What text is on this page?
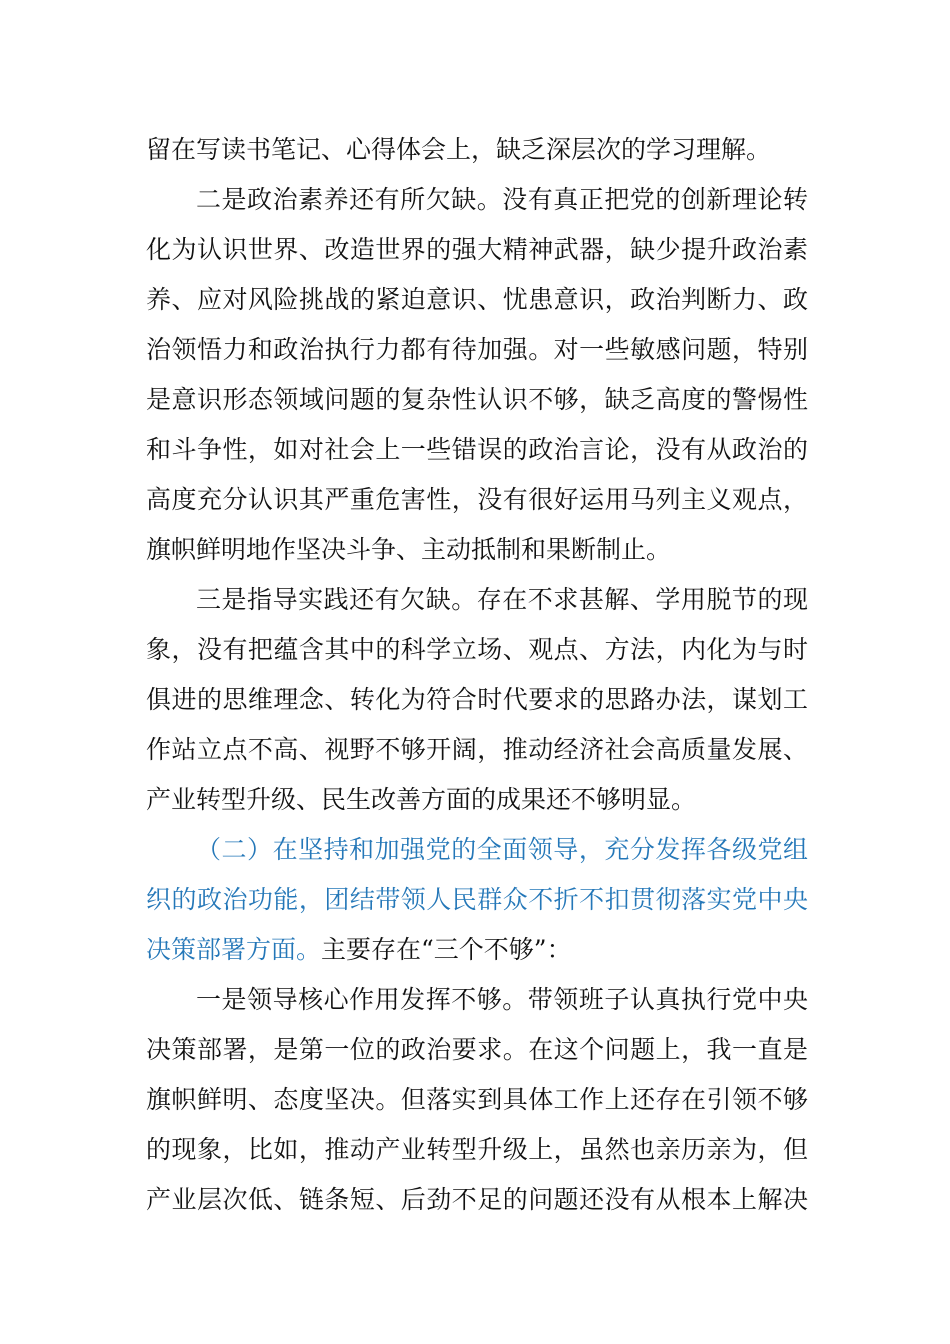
留在写读书笔记、心得体会上，缺乏深层次的学习理解。
二是政治素养还有所欠缺。没有真正把党的创新理论转
化为认识世界、改造世界的强大精神武器，缺少提升政治素
养、应对风险挑战的紧迫意识、忧患意识，政治判断力、政
治领悟力和政治执行力都有待加强。对一些敏感问题，特别
是意识形态领域问题的复杂性认识不够，缺乏高度的警惕性
和斗争性，如对社会上一些错误的政治言论，没有从政治的
高度充分认识其严重危害性，没有很好运用马列主义观点，
旗帜鲜明地作坚决斗争、主动抵制和果断制止。
三是指导实践还有欠缺。存在不求甚解、学用脱节的现
象，没有把蕴含其中的科学立场、观点、方法，内化为与时
俱进的思维理念、转化为符合时代要求的思路办法，谋划工
作站立点不高、视野不够开阔，推动经济社会高质量发展、
产业转型升级、民生改善方面的成果还不够明显。
（二）在坚持和加强党的全面领导，充分发挥各级党组
织的政治功能，团结带领人民群众不折不扣贯彻落实党中央
决策部署方面。主要存在“三个不够”：
一是领导核心作用发挥不够。带领班子认真执行党中央
决策部署，是第一位的政治要求。在这个问题上，我一直是
旗帜鲜明、态度坚决。但落实到具体工作上还存在引领不够
的现象，比如，推动产业转型升级上，虽然也亲历亲为，但
产业层次低、链条短、后劲不足的问题还没有从根本上解决
